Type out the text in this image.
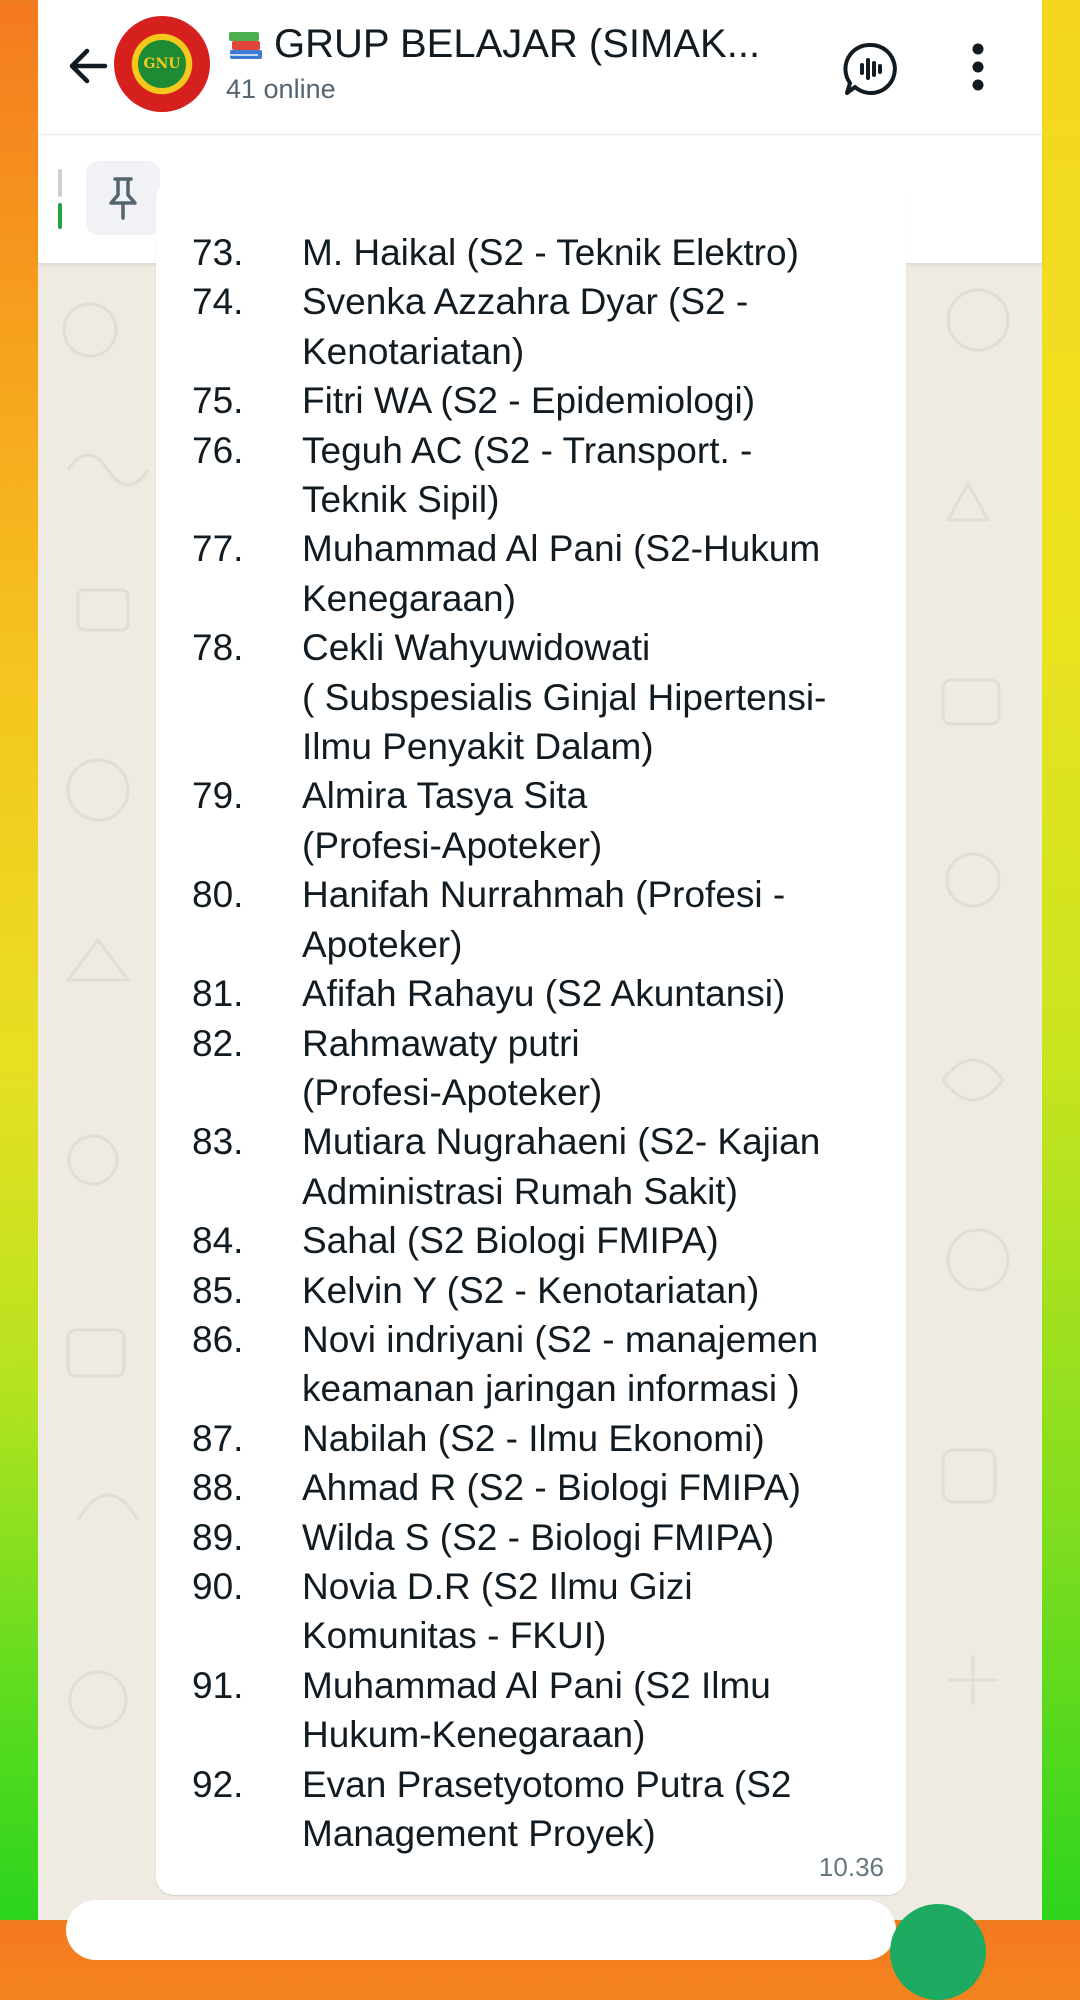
GNU GRUP BELAJAR (SIMAK...
41 online
73. M. Haikal (S2 - Teknik Elektro)
74. Svenka Azzahra Dyar (S2 -
Kenotariatan)
75. Fitri WA (S2 - Epidemiologi)
76. Teguh AC (S2 - Transport. -
Teknik Sipil)
77. Muhammad Al Pani (S2-Hukum
Kenegaraan)
78. Cekli Wahyuwidowati
( Subspesialis Ginjal Hipertensi-
Ilmu Penyakit Dalam)
79. Almira Tasya Sita
(Profesi-Apoteker)
80. Hanifah Nurrahmah (Profesi -
Apoteker)
81. Afifah Rahayu (S2 Akuntansi)
82. Rahmawaty putri
(Profesi-Apoteker)
83. Mutiara Nugrahaeni (S2- Kajian
Administrasi Rumah Sakit)
84. Sahal (S2 Biologi FMIPA)
85. Kelvin Y (S2 - Kenotariatan)
86. Novi indriyani (S2 - manajemen
keamanan jaringan informasi )
87. Nabilah (S2 - Ilmu Ekonomi)
88. Ahmad R (S2 - Biologi FMIPA)
89. Wilda S (S2 - Biologi FMIPA)
90. Novia D.R (S2 Ilmu Gizi
Komunitas - FKUI)
91. Muhammad Al Pani (S2 Ilmu
Hukum-Kenegaraan)
92. Evan Prasetyotomo Putra (S2
Management Proyek)
10.36
